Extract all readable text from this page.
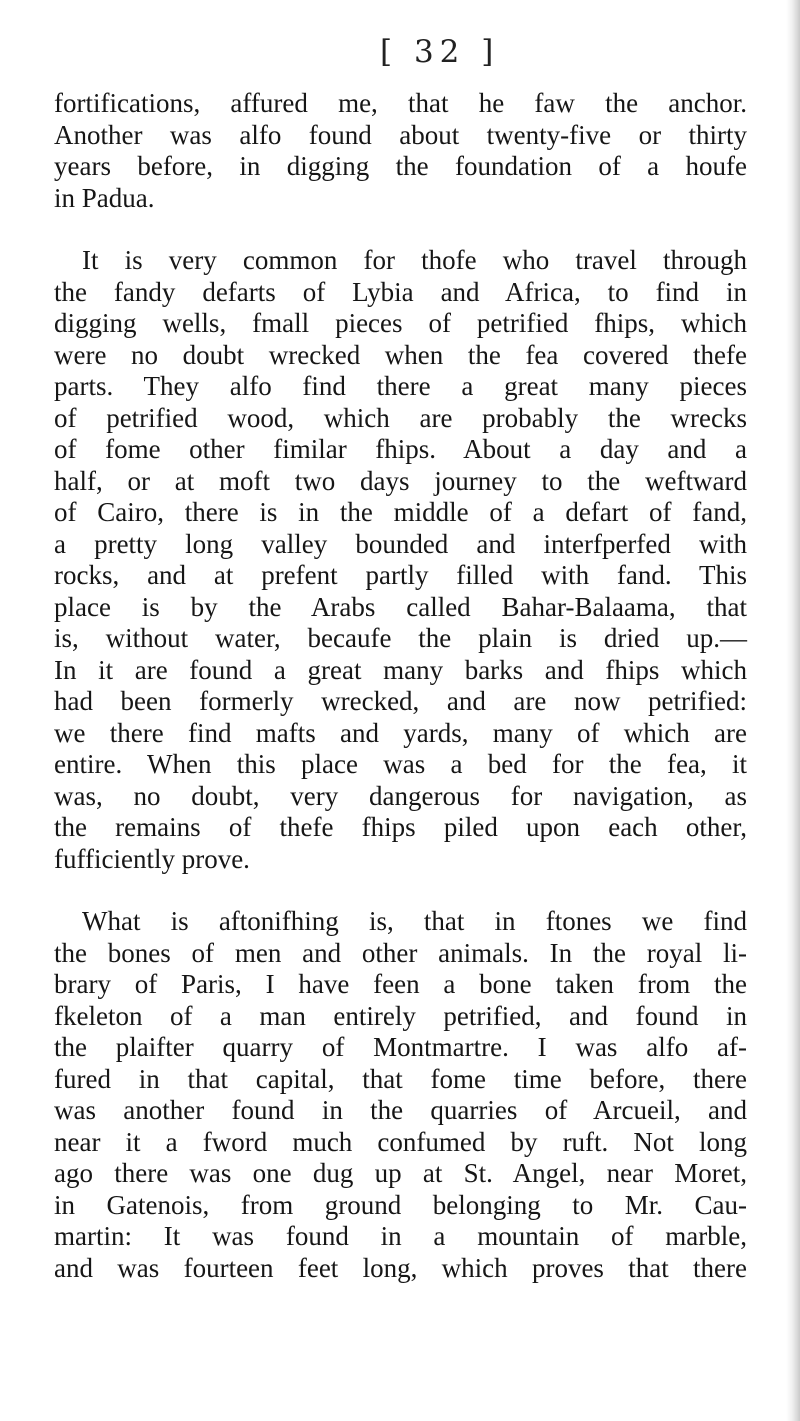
[ 32 ]
fortifications, affured me, that he faw the anchor.
Another was alfo found about twenty-five or thirty
years before, in digging the foundation of a houfe
in Padua.
It is very common for thofe who travel through
the fandy defarts of Lybia and Africa, to find in
digging wells, fmall pieces of petrified fhips, which
were no doubt wrecked when the fea covered thefe
parts. They alfo find there a great many pieces
of petrified wood, which are probably the wrecks
of fome other fimilar fhips. About a day and a
half, or at moft two days journey to the weftward
of Cairo, there is in the middle of a defart of fand,
a pretty long valley bounded and interfperfed with
rocks, and at prefent partly filled with fand. This
place is by the Arabs called Bahar-Balaama, that
is, without water, becaufe the plain is dried up.—
In it are found a great many barks and fhips which
had been formerly wrecked, and are now petrified:
we there find mafts and yards, many of which are
entire. When this place was a bed for the fea, it
was, no doubt, very dangerous for navigation, as
the remains of thefe fhips piled upon each other,
fufficiently prove.
What is aftonifhing is, that in ftones we find
the bones of men and other animals. In the royal li-
brary of Paris, I have feen a bone taken from the
fkeleton of a man entirely petrified, and found in
the plaifter quarry of Montmartre. I was alfo af-
fured in that capital, that fome time before, there
was another found in the quarries of Arcueil, and
near it a fword much confumed by ruft. Not long
ago there was one dug up at St. Angel, near Moret,
in Gatenois, from ground belonging to Mr. Cau-
martin: It was found in a mountain of marble,
and was fourteen feet long, which proves that there
